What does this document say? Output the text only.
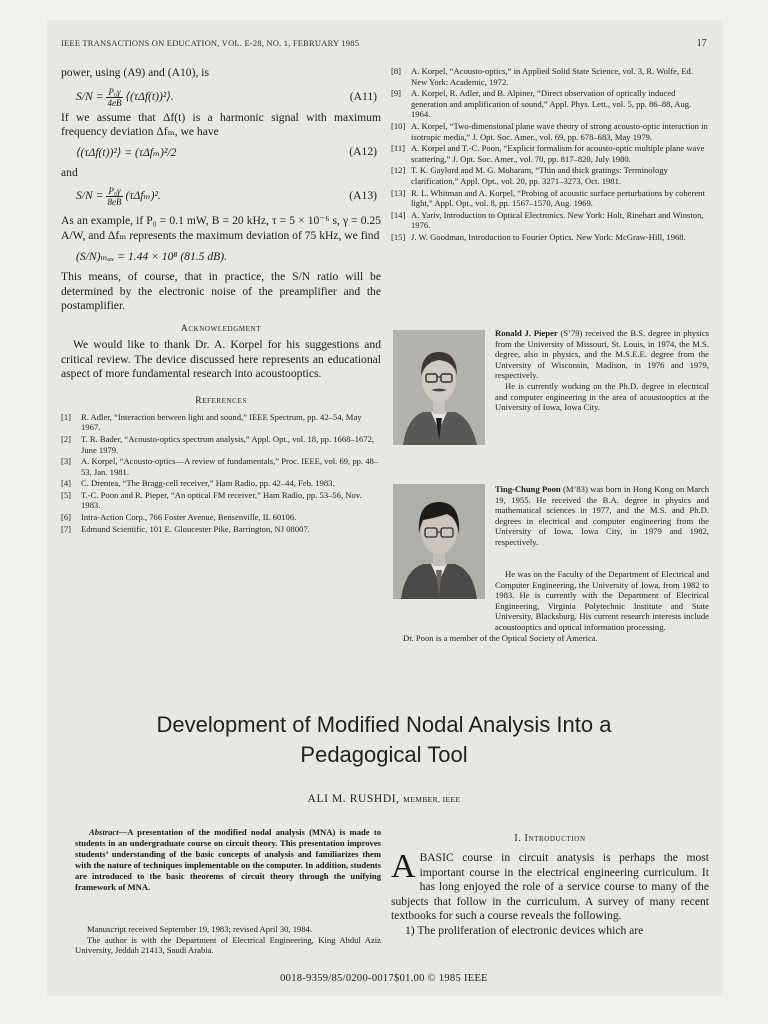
IEEE TRANSACTIONS ON EDUCATION, VOL. E-28, NO. 1, FEBRUARY 1985	17
power, using (A9) and (A10), is
$S/N = \frac{\text{P₀γ}}{4eB}$ ⟨(τΔf(t))²⟩.	(A11)
If we assume that Δf(t) is a harmonic signal with maximum frequency deviation Δfₘ, we have
⟨(τΔf(t))²⟩ = (τΔfₘ)²/2	(A12)
and
$S/N = \frac{\text{P₀γ}}{8eB} (\tau\Delta f_m)^2$.	(A13)
As an example, if P₀ = 0.1 mW, B = 20 kHz, τ = 5 × 10⁻⁶ s, γ = 0.25 A/W, and Δfₘ represents the maximum deviation of 75 kHz, we find
(S/N)ₘₐₓ = 1.44 × 10⁸ (81.5 dB).
This means, of course, that in practice, the S/N ratio will be determined by the electronic noise of the preamplifier and the postamplifier.
Acknowledgment
We would like to thank Dr. A. Korpel for his suggestions and critical review. The device discussed here represents an educational aspect of more fundamental research into acoustooptics.
References
[1] R. Adler, “Interaction between light and sound,” IEEE Spectrum, pp. 42–54, May 1967.
[2] T. R. Bader, “Acousto-optics spectrum analysis,” Appl. Opt., vol. 18, pp. 1668–1672, June 1979.
[3] A. Korpel, “Acousto-optics—A review of fundamentals,” Proc. IEEE, vol. 69, pp. 48–53, Jan. 1981.
[4] C. Drentea, “The Bragg-cell receiver,” Ham Radio, pp. 42–44, Feb. 1983.
[5] T.-C. Poon and R. Pieper, “An optical FM receiver,” Ham Radio, pp. 53–56, Nov. 1983.
[6] Intra-Action Corp., 766 Foster Avenue, Bensenville, IL 60106.
[7] Edmund Scientific, 101 E. Gloucester Pike, Barrington, NJ 08007.
[8] A. Korpel, “Acousto-optics,” in Applied Solid State Science, vol. 3, R. Wolfe, Ed. New York: Academic, 1972.
[9] A. Korpel, R. Adler, and B. Alpiner, “Direct observation of optically induced generation and amplification of sound,” Appl. Phys. Lett., vol. 5, pp. 86–88, Aug. 1964.
[10] A. Korpel, “Two-dimensional plane wave theory of strong acousto-optic interaction in isotropic media,” J. Opt. Soc. Amer., vol. 69, pp. 678–683, May 1979.
[11] A. Korpel and T.-C. Poon, “Explicit formalism for acousto-optic multiple plane wave scattering,” J. Opt. Soc. Amer., vol. 70, pp. 817–820, July 1980.
[12] T. K. Gaylord and M. G. Moharam, “Thin and thick gratings: Terminology clarification,” Appl. Opt., vol. 20, pp. 3271–3273, Oct. 1981.
[13] R. L. Whitman and A. Korpel, “Probing of acoustic surface perturbations by coherent light,” Appl. Opt., vol. 8, pp. 1567–1570, Aug. 1969.
[14] A. Yariv, Introduction to Optical Electronics. New York: Holt, Rinehart and Winston, 1976.
[15] J. W. Goodman, Introduction to Fourier Optics. New York: McGraw-Hill, 1968.
Ronald J. Pieper (S’79) received the B.S. degree in physics from the University of Missouri, St. Louis, in 1974, the M.S. degree, also in physics, and the M.S.E.E. degree from the University of Wisconsin, Madison, in 1976 and 1979, respectively.
He is currently working on the Ph.D. degree in electrical and computer engineering in the area of acoustooptics at the University of Iowa, Iowa City.
Ting-Chung Poon (M’83) was born in Hong Kong on March 19, 1955. He received the B.A. degree in physics and mathematical sciences in 1977, and the M.S. and Ph.D. degrees in electrical and computer engineering from the University of Iowa, Iowa City, in 1979 and 1982, respectively.
He was on the Faculty of the Department of Electrical and Computer Engineering, the University of Iowa, from 1982 to 1983. He is currently with the Department of Electrical Engineering, Virginia Polytechnic Institute and State University, Blacksburg. His current research interests include acoustooptics and optical information processing.
Dr. Poon is a member of the Optical Society of America.
Development of Modified Nodal Analysis Into a
Pedagogical Tool
ALI M. RUSHDI, MEMBER, IEEE
Abstract—A presentation of the modified nodal analysis (MNA) is made to students in an undergraduate course on circuit theory. This presentation improves students’ understanding of the basic concepts of analysis and familiarizes them with the nature of techniques implementable on the computer. In addition, students are introduced to the basic theorems of circuit theory through the unifying framework of MNA.
Manuscript received September 19, 1983; revised April 30, 1984.
The author is with the Department of Electrical Engineering, King Abdul Aziz University, Jeddah 21413, Saudi Arabia.
I. Introduction
ABASIC course in circuit anatysis is perhaps the most important course in the electrical engineering curriculum. It has long enjoyed the role of a service course to many of the subjects that follow in the curriculum. A survey of many recent textbooks for such a course reveals the following.
1) The proliferation of electronic devices which are
0018-9359/85/0200-0017$01.00 © 1985 IEEE
